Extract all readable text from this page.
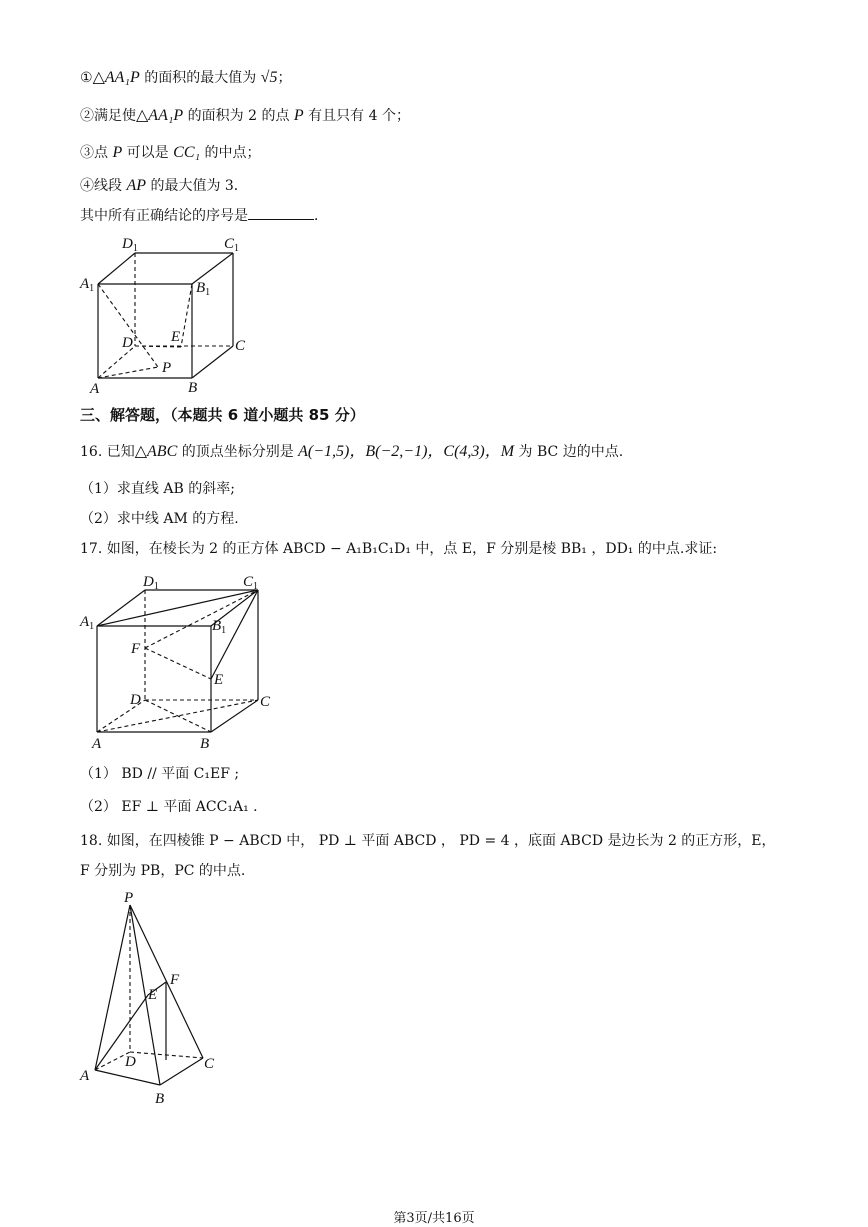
①△AA₁P 的面积的最大值为 √5；
②满足使△AA₁P 的面积为 2 的点 P 有且只有 4 个；
③点 P 可以是 CC₁ 的中点；
④线段 AP 的最大值为 3．
其中所有正确结论的序号是	．
$D_1$	$C_1$
$A_1$	$B_1$
E
D	C
P
A	B
三、解答题，（本题共 6 道小题共 85 分）
16. 已知△ABC 的顶点坐标分别是 A(−1,5)，B(−2,−1)，C(4,3)，M 为 BC 边的中点.
（1）求直线 AB 的斜率;
（2）求中线 AM 的方程.
17. 如图，在棱长为 2 的正方体 ABCD − A₁B₁C₁D₁ 中，点 E，F 分别是棱 BB₁ ，DD₁ 的中点.求证:
$D_1$	$C_1$
$A_1$	$B_1$
F
E
D	C
A	B
（1） BD // 平面 C₁EF ;
（2） EF ⊥ 平面 ACC₁A₁ .
18. 如图，在四棱锥 P − ABCD 中， PD ⊥ 平面 ABCD ， PD = 4 ，底面 ABCD 是边长为 2 的正方形，E，
F 分别为 PB，PC 的中点.
P
F
E
D
A
C
B
第3页/共16页
